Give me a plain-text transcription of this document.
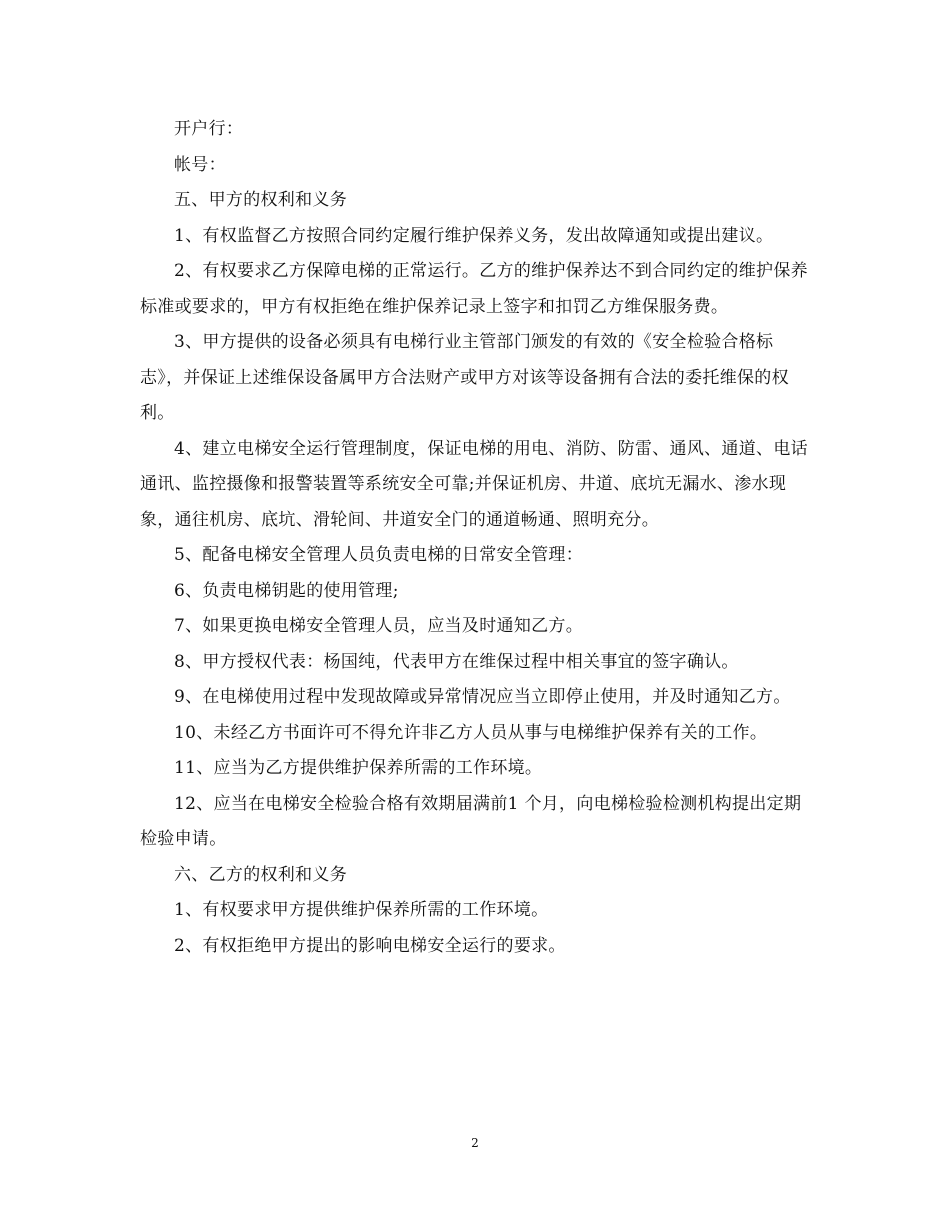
开户行：

帐号：

五、甲方的权利和义务

1、有权监督乙方按照合同约定履行维护保养义务，发出故障通知或提出建议。

2、有权要求乙方保障电梯的正常运行。乙方的维护保养达不到合同约定的维护保养标准或要求的，甲方有权拒绝在维护保养记录上签字和扣罚乙方维保服务费。

3、甲方提供的设备必须具有电梯行业主管部门颁发的有效的《安全检验合格标志》，并保证上述维保设备属甲方合法财产或甲方对该等设备拥有合法的委托维保的权利。

4、建立电梯安全运行管理制度，保证电梯的用电、消防、防雷、通风、通道、电话通讯、监控摄像和报警装置等系统安全可靠;并保证机房、井道、底坑无漏水、渗水现象，通往机房、底坑、滑轮间、井道安全门的通道畅通、照明充分。

5、配备电梯安全管理人员负责电梯的日常安全管理：

6、负责电梯钥匙的使用管理;

7、如果更换电梯安全管理人员，应当及时通知乙方。

8、甲方授权代表：杨国纯，代表甲方在维保过程中相关事宜的签字确认。

9、在电梯使用过程中发现故障或异常情况应当立即停止使用，并及时通知乙方。

10、未经乙方书面许可不得允许非乙方人员从事与电梯维护保养有关的工作。

11、应当为乙方提供维护保养所需的工作环境。

12、应当在电梯安全检验合格有效期届满前1 个月，向电梯检验检测机构提出定期检验申请。

六、乙方的权利和义务

1、有权要求甲方提供维护保养所需的工作环境。

2、有权拒绝甲方提出的影响电梯安全运行的要求。

2
